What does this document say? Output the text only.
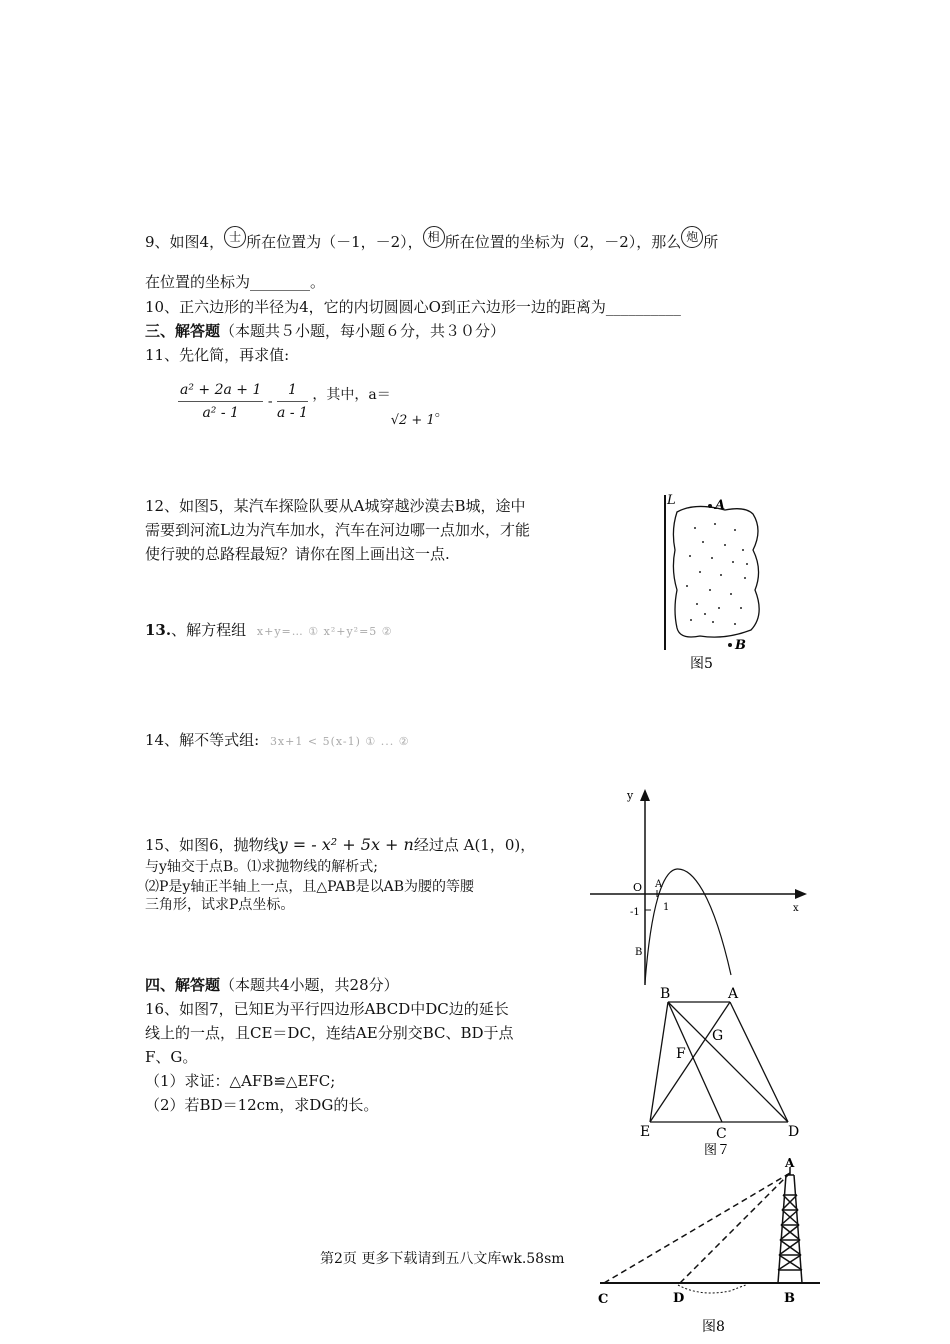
9、如图4， 士 所在位置为（－1，－2）， 相 所在位置的坐标为（2，－2），那么 炮 所
在位置的坐标为________。
10、正六边形的半径为4，它的内切圆圆心O到正六边形一边的距离为__________
三、解答题（本题共５小题，每小题６分，共３０分）
11、先化简，再求值:
$\frac{\text{a² + 2a + 1}}{\text{a² - 1}} - \frac{1}{a - 1}$ ，其中，a＝√2 + 1。
12、如图5，某汽车探险队要从A城穿越沙漠去B城，途中
需要到河流L边为汽车加水，汽车在河边哪一点加水，才能
使行驶的总路程最短？请你在图上画出这一点.
L	A
B
图5
13.、解方程组 x+y=… ① x²+y²=5 ②
14、解不等式组: 3x+1 < 5(x-1) ① ... ②
15、如图6，抛物线y = - x² + 5x + n经过点 A(1，0)，
与y轴交于点B。⑴求抛物线的解析式;
⑵P是y轴正半轴上一点，且△PAB是以AB为腰的等腰
三角形，试求P点坐标。
y
x
O A
-1 1
B
四、解答题（本题共4小题，共28分）
16、如图7，已知E为平行四边形ABCD中DC边的延长
线上的一点，且CE＝DC，连结AE分别交BC、BD于点
F、G。
（1）求证：△AFB≌△EFC;
（2）若BD＝12cm，求DG的长。
B	A
G
F
E	C	D
图７
A
C	D	B
图8
第2页 更多下载请到五八文库wk.58sm
